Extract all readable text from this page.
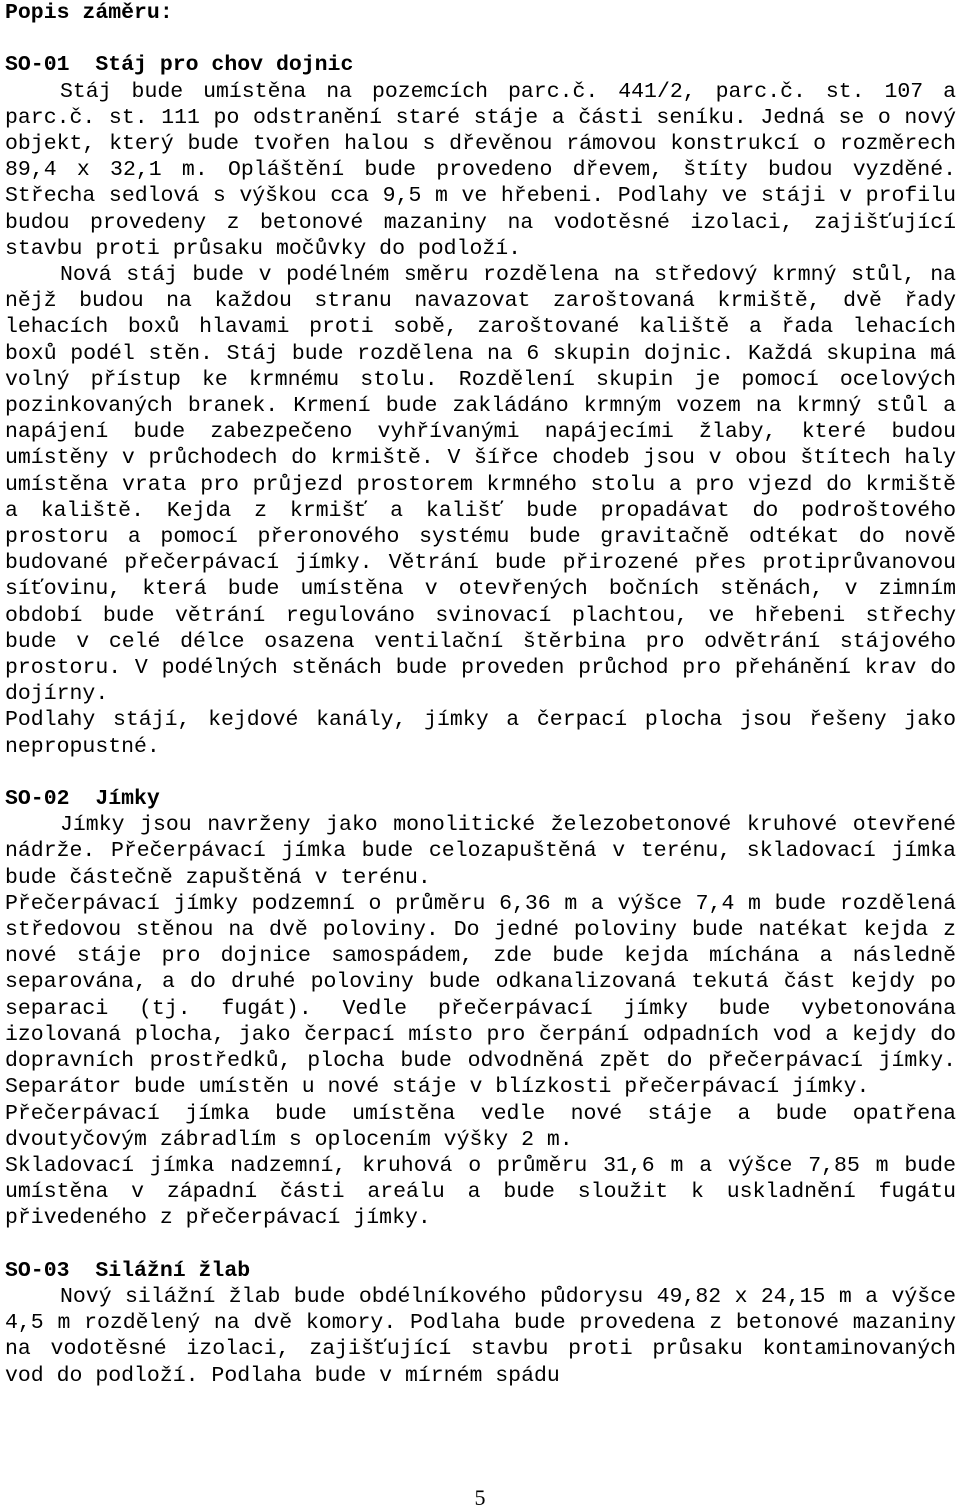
Popis záměru:

SO-01  Stáj pro chov dojnic

Stáj bude umístěna na pozemcích parc.č. 441/2, parc.č. st. 107 a parc.č. st. 111 po odstranění staré stáje a části seníku. Jedná se o nový objekt, který bude tvořen halou s dřevěnou rámovou konstrukcí o rozměrech 89,4 x 32,1 m. Opláštění bude provedeno dřevem, štíty budou vyzděné. Střecha sedlová s výškou cca 9,5 m ve hřebeni. Podlahy ve stáji v profilu budou provedeny z betonové mazaniny na vodotěsné izolaci, zajišťující stavbu proti průsaku močůvky do podloží.

Nová stáj bude v podélném směru rozdělena na středový krmný stůl, na nějž budou na každou stranu navazovat zaroštovaná krmiště, dvě řady lehacích boxů hlavami proti sobě, zaroštované kaliště a řada lehacích boxů podél stěn. Stáj bude rozdělena na 6 skupin dojnic. Každá skupina má volný přístup ke krmnému stolu. Rozdělení skupin je pomocí ocelových pozinkovaných branek. Krmení bude zakládáno krmným vozem na krmný stůl a napájení bude zabezpečeno vyhřívanými napájecími žlaby, které budou umístěny v průchodech do krmiště. V šířce chodeb jsou v obou štítech haly umístěna vrata pro průjezd prostorem krmného stolu a pro vjezd do krmiště a kaliště. Kejda z krmišť a kališť bude propadávat do podroštového prostoru a pomocí přeronového systému bude gravitačně odtékat do nově budované přečerpávací jímky. Větrání bude přirozené přes protiprůvanovou síťovinu, která bude umístěna v otevřených bočních stěnách, v zimním období bude větrání regulováno svinovací plachtou, ve hřebeni střechy bude v celé délce osazena ventilační štěrbina pro odvětrání stájového prostoru. V podélných stěnách bude proveden průchod pro přehánění krav do dojírny.

Podlahy stájí, kejdové kanály, jímky a čerpací plocha jsou řešeny jako nepropustné.

SO-02  Jímky

Jímky jsou navrženy jako monolitické železobetonové kruhové otevřené nádrže. Přečerpávací jímka bude celozapuštěná v terénu, skladovací jímka bude částečně zapuštěná v terénu.

Přečerpávací jímky podzemní o průměru 6,36 m a výšce 7,4 m bude rozdělená středovou stěnou na dvě poloviny. Do jedné poloviny bude natékat kejda z nové stáje pro dojnice samospádem, zde bude kejda míchána a následně separována, a do druhé poloviny bude odkanalizovaná tekutá část kejdy po separaci (tj. fugát). Vedle přečerpávací jímky bude vybetonována izolovaná plocha, jako čerpací místo pro čerpání odpadních vod a kejdy do dopravních prostředků, plocha bude odvodněná zpět do přečerpávací jímky. Separátor bude umístěn u nové stáje v blízkosti přečerpávací jímky.

Přečerpávací jímka bude umístěna vedle nové stáje a bude opatřena dvoutyčovým zábradlím s oplocením výšky 2 m.

Skladovací jímka nadzemní, kruhová o průměru 31,6 m a výšce 7,85 m bude umístěna v západní části areálu a bude sloužit k uskladnění fugátu přivedeného z přečerpávací jímky.

SO-03  Silážní žlab

Nový silážní žlab bude obdélníkového půdorysu 49,82 x 24,15 m a výšce 4,5 m rozdělený na dvě komory. Podlaha bude provedena z betonové mazaniny na vodotěsné izolaci, zajišťující stavbu proti průsaku kontaminovaných vod do podloží. Podlaha bude v mírném spádu

5
